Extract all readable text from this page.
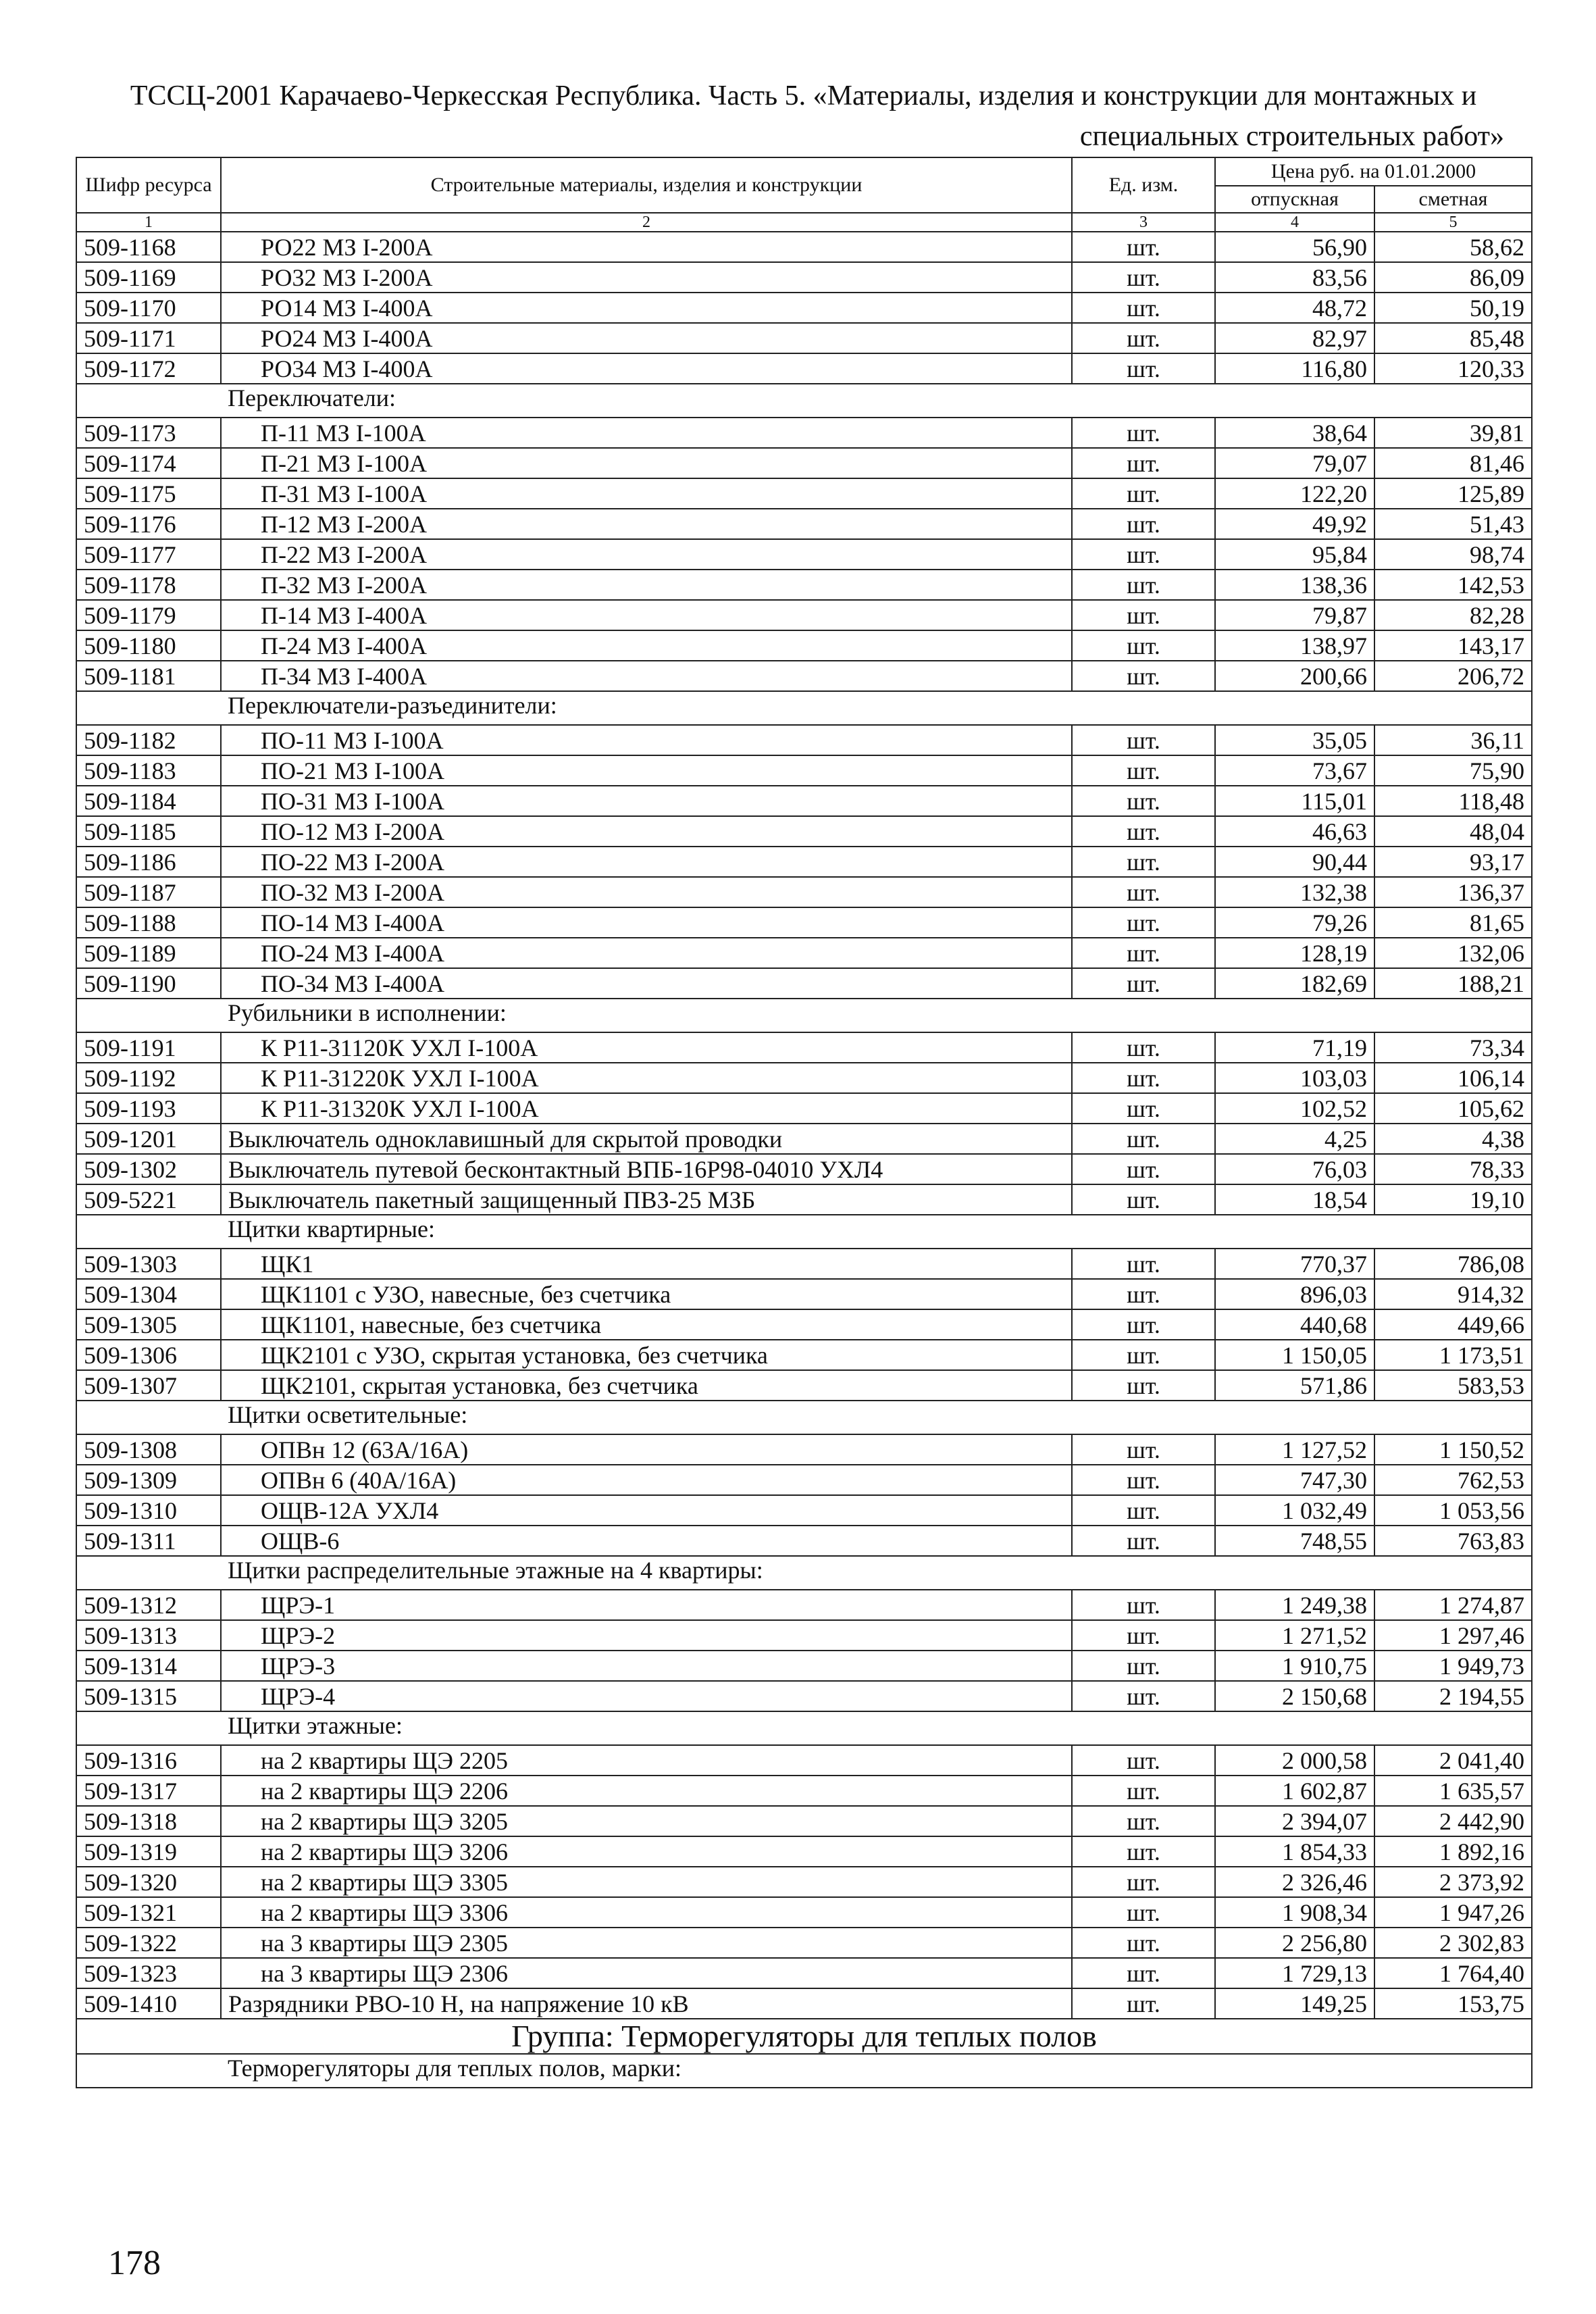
ТССЦ-2001 Карачаево-Черкесская Республика. Часть 5. «Материалы, изделия и конструкции для монтажных и
специальных строительных работ»
Шифр ресурса	Строительные материалы, изделия и конструкции	Ед. изм.	Цена руб. на 01.01.2000	
			отпускная	сметная
1	2	3	4	5
509-1168	РО22 МЗ I-200А	шт.	56,90	58,62
509-1169	РО32 МЗ I-200А	шт.	83,56	86,09
509-1170	РО14 МЗ I-400А	шт.	48,72	50,19
509-1171	РО24 МЗ I-400А	шт.	82,97	85,48
509-1172	РО34 МЗ I-400А	шт.	116,80	120,33
	Переключатели:			
509-1173	П-11 МЗ I-100А	шт.	38,64	39,81
509-1174	П-21 МЗ I-100А	шт.	79,07	81,46
509-1175	П-31 МЗ I-100А	шт.	122,20	125,89
509-1176	П-12 МЗ I-200А	шт.	49,92	51,43
509-1177	П-22 МЗ I-200А	шт.	95,84	98,74
509-1178	П-32 МЗ I-200А	шт.	138,36	142,53
509-1179	П-14 МЗ I-400А	шт.	79,87	82,28
509-1180	П-24 МЗ I-400А	шт.	138,97	143,17
509-1181	П-34 МЗ I-400А	шт.	200,66	206,72
	Переключатели-разъединители:			
509-1182	ПО-11 МЗ I-100А	шт.	35,05	36,11
509-1183	ПО-21 МЗ I-100А	шт.	73,67	75,90
509-1184	ПО-31 МЗ I-100А	шт.	115,01	118,48
509-1185	ПО-12 МЗ I-200А	шт.	46,63	48,04
509-1186	ПО-22 МЗ I-200А	шт.	90,44	93,17
509-1187	ПО-32 МЗ I-200А	шт.	132,38	136,37
509-1188	ПО-14 МЗ I-400А	шт.	79,26	81,65
509-1189	ПО-24 МЗ I-400А	шт.	128,19	132,06
509-1190	ПО-34 МЗ I-400А	шт.	182,69	188,21
	Рубильники в исполнении:			
509-1191	К Р11-31120К УХЛ I-100А	шт.	71,19	73,34
509-1192	К Р11-31220К УХЛ I-100А	шт.	103,03	106,14
509-1193	К Р11-31320К УХЛ I-100А	шт.	102,52	105,62
509-1201	Выключатель одноклавишный для скрытой проводки	шт.	4,25	4,38
509-1302	Выключатель путевой бесконтактный ВПБ-16Р98-04010 УХЛ4	шт.	76,03	78,33
509-5221	Выключатель пакетный защищенный ПВЗ-25 МЗБ	шт.	18,54	19,10
	Щитки квартирные:			
509-1303	ЩК1	шт.	770,37	786,08
509-1304	ЩК1101 с УЗО, навесные, без счетчика	шт.	896,03	914,32
509-1305	ЩК1101, навесные, без счетчика	шт.	440,68	449,66
509-1306	ЩК2101 с УЗО, скрытая установка, без счетчика	шт.	1 150,05	1 173,51
509-1307	ЩК2101, скрытая установка, без счетчика	шт.	571,86	583,53
	Щитки осветительные:			
509-1308	ОПВн 12 (63А/16А)	шт.	1 127,52	1 150,52
509-1309	ОПВн 6 (40А/16А)	шт.	747,30	762,53
509-1310	ОЩВ-12А УХЛ4	шт.	1 032,49	1 053,56
509-1311	ОЩВ-6	шт.	748,55	763,83
	Щитки распределительные этажные на 4 квартиры:			
509-1312	ЩРЭ-1	шт.	1 249,38	1 274,87
509-1313	ЩРЭ-2	шт.	1 271,52	1 297,46
509-1314	ЩРЭ-3	шт.	1 910,75	1 949,73
509-1315	ЩРЭ-4	шт.	2 150,68	2 194,55
	Щитки этажные:			
509-1316	на 2 квартиры ЩЭ 2205	шт.	2 000,58	2 041,40
509-1317	на 2 квартиры ЩЭ 2206	шт.	1 602,87	1 635,57
509-1318	на 2 квартиры ЩЭ 3205	шт.	2 394,07	2 442,90
509-1319	на 2 квартиры ЩЭ 3206	шт.	1 854,33	1 892,16
509-1320	на 2 квартиры ЩЭ 3305	шт.	2 326,46	2 373,92
509-1321	на 2 квартиры ЩЭ 3306	шт.	1 908,34	1 947,26
509-1322	на 3 квартиры ЩЭ 2305	шт.	2 256,80	2 302,83
509-1323	на 3 квартиры ЩЭ 2306	шт.	1 729,13	1 764,40
509-1410	Разрядники РВО-10 Н, на напряжение 10 кВ	шт.	149,25	153,75
Группа: Терморегуляторы для теплых полов				
	Терморегуляторы для теплых полов, марки:			
178
